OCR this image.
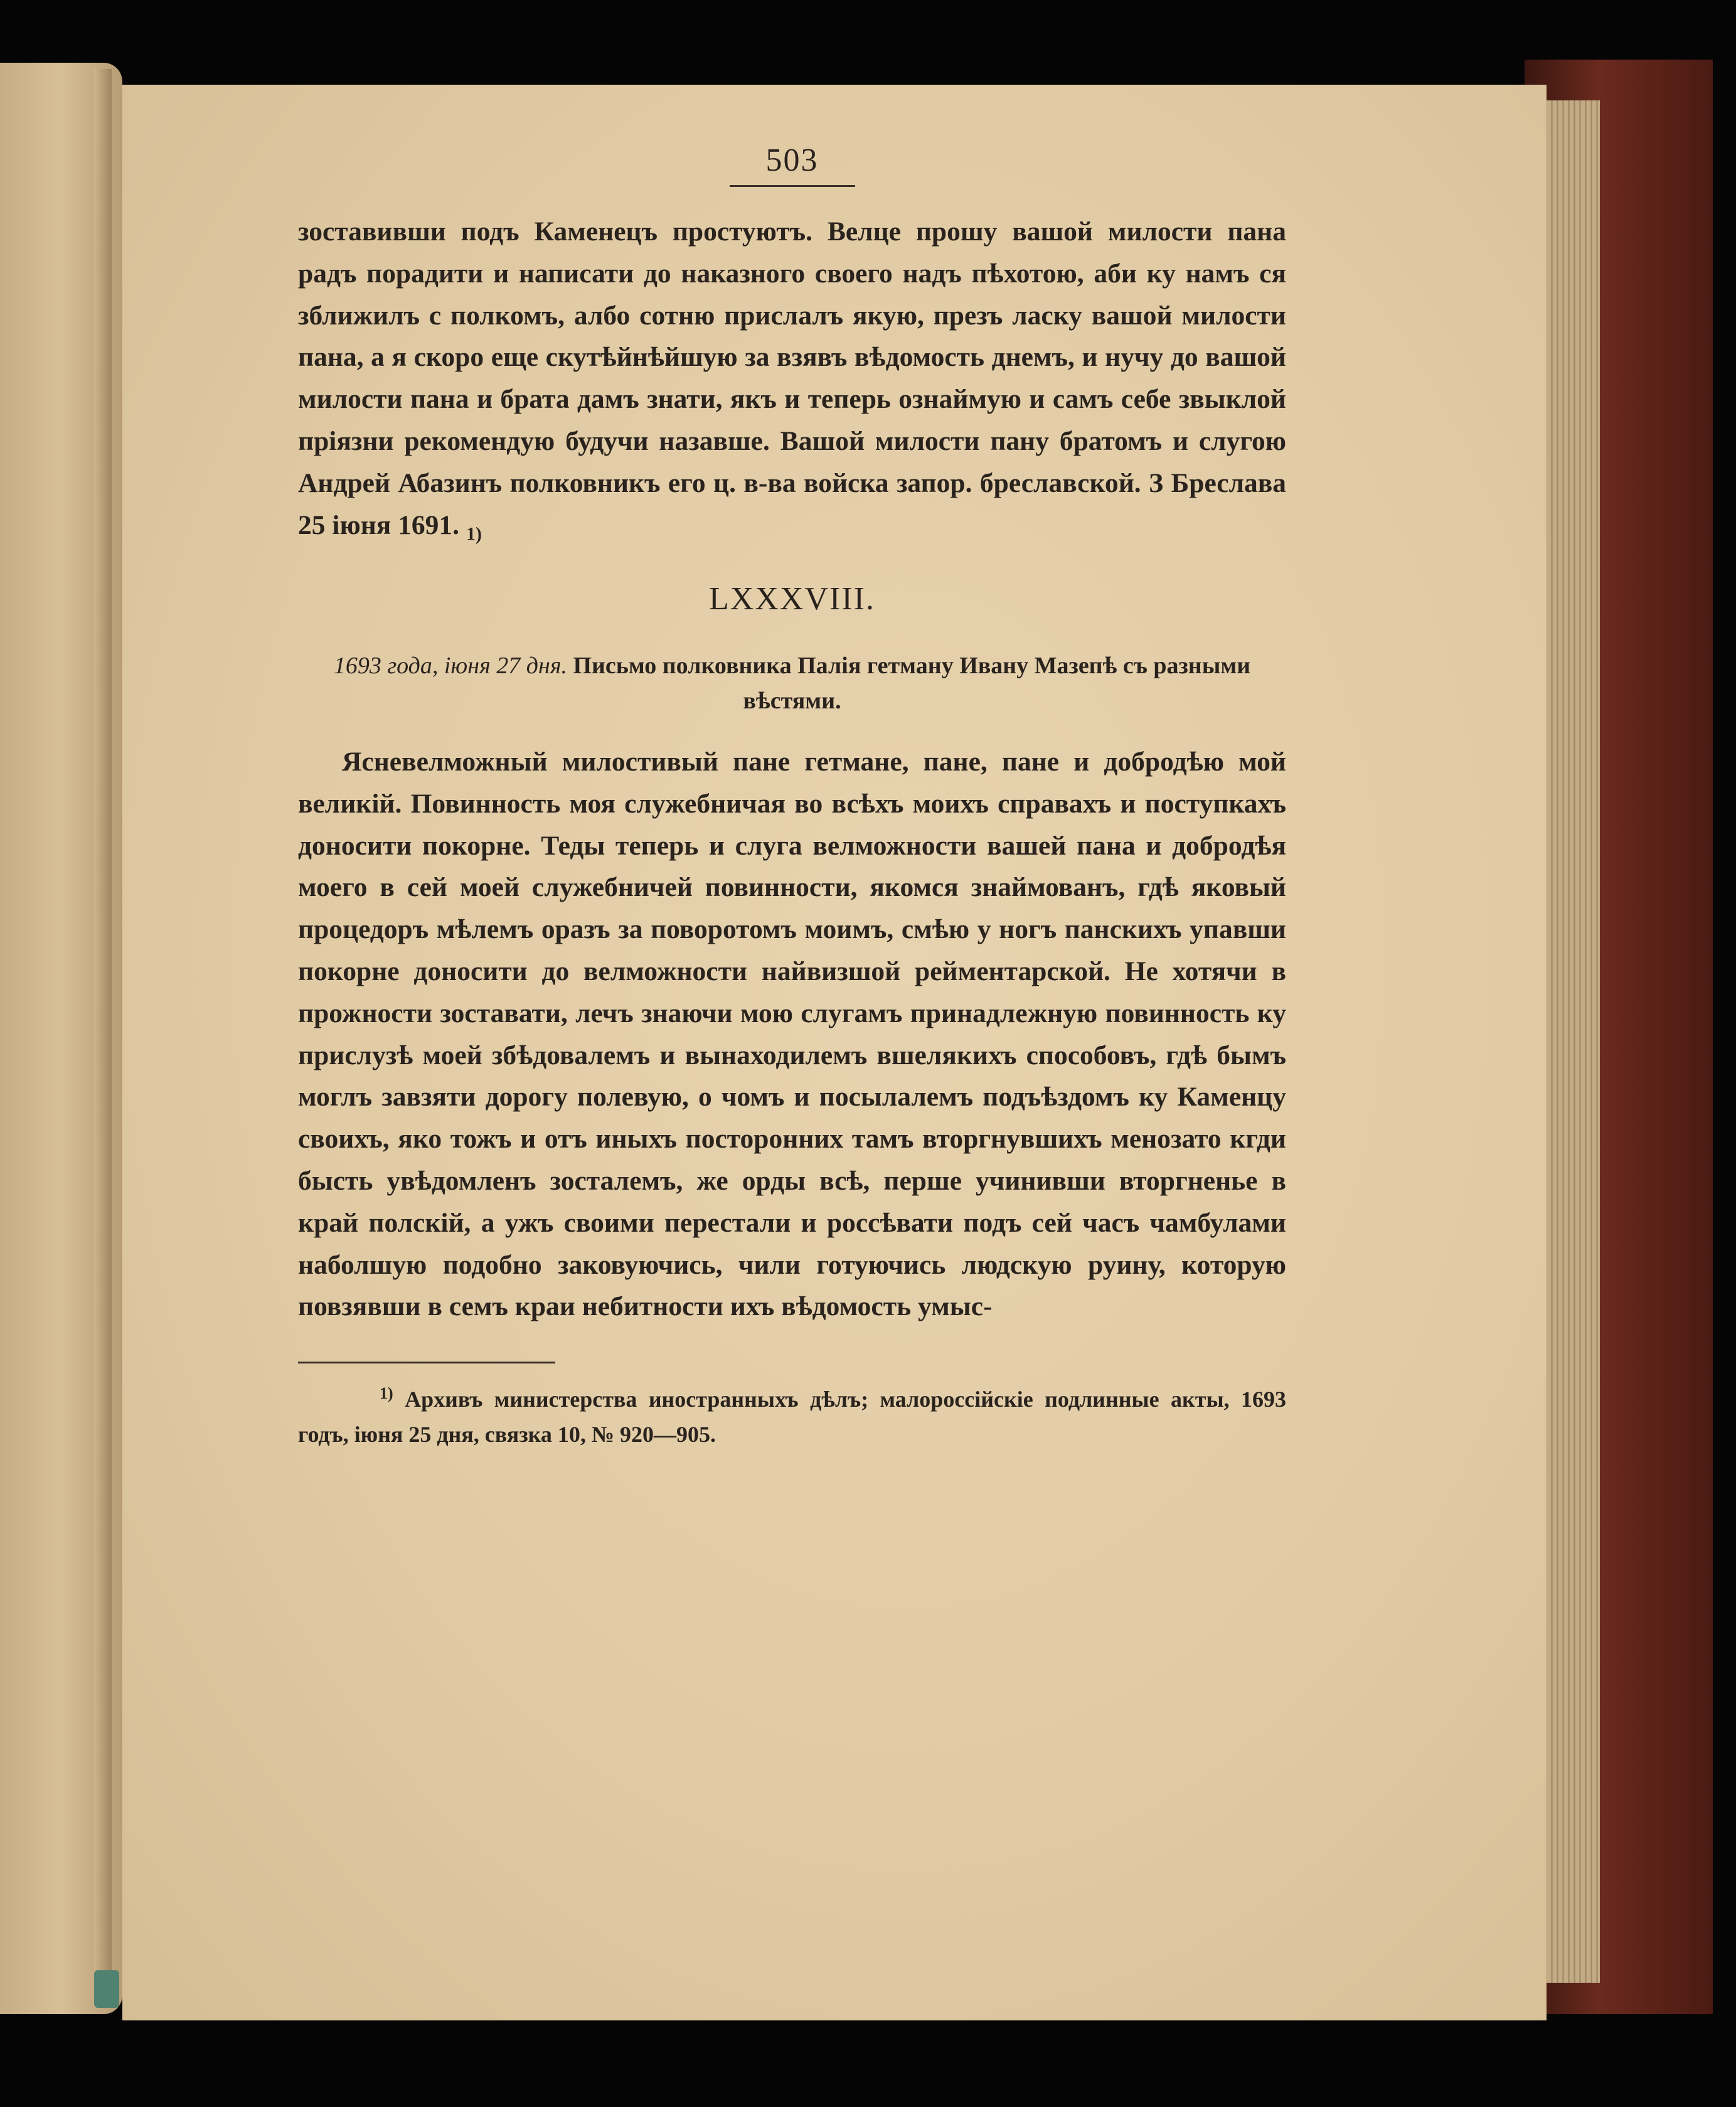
503
зоставивши подъ Каменецъ простуютъ. Велце прошу вашой милости пана радъ порадити и написати до наказного своего надъ пѣхотою, аби ку намъ ся зближилъ с полкомъ, албо сотню прислалъ якую, презъ ласку вашой милости пана, а я скоро еще скутѣйнѣйшую за взявъ вѣдомость днемъ, и нучу до вашой милости пана и брата дамъ знати, якъ и теперь ознаймую и самъ себе звыклой прiязни рекомендую будучи назавше. Вашой милости пану братомъ и слугою Андрей Абазинъ полковникъ его ц. в-ва войска запор. бреславской. З Бреслава 25 iюня 1691. $_{1)}$
LXXXVIII.
1693 года, iюня 27 дня. Письмо полковника Палiя гетману Ивану Мазепѣ съ разными вѣстями.
Ясневелможный милостивый пане гетмане, пане, пане и добродѣю мой великiй. Повинность моя служебничая во всѣхъ моихъ справахъ и поступкахъ доносити покорне. Теды теперь и слуга велможности вашей пана и добродѣя моего в сей моей служебничей повинности, якомся знаймованъ, гдѣ яковый процедоръ мѣлемъ оразъ за поворотомъ моимъ, смѣю у ногъ панскихъ упавши покорне доносити до велможности найвизшой рейментарской. Не хотячи в прожности зоставати, лечъ знаючи мою слугамъ принадлежную повинность ку прислузѣ моей збѣдовалемъ и вынаходилемъ вшелякихъ способовъ, гдѣ бымъ моглъ завзяти дорогу полевую, о чомъ и посылалемъ подъѣздомъ ку Каменцу своихъ, яко тожъ и отъ иныхъ посторонних тамъ вторгнувшихъ менозато кгди бысть увѣдомленъ зосталемъ, же орды всѣ, перше учинивши вторгненье в край полскiй, а ужъ своими перестали и россѣвати подъ сей часъ чамбулами наболшую подобно заковуючись, чили готуючись людскую руину, которую повзявши в семъ краи небитности ихъ вѣдомость умыс-
$^{1)}$ Архивъ министерства иностранныхъ дѣлъ; малороссiйскiе подлинные акты, 1693 годъ, iюня 25 дня, связка 10, № 920—905.
